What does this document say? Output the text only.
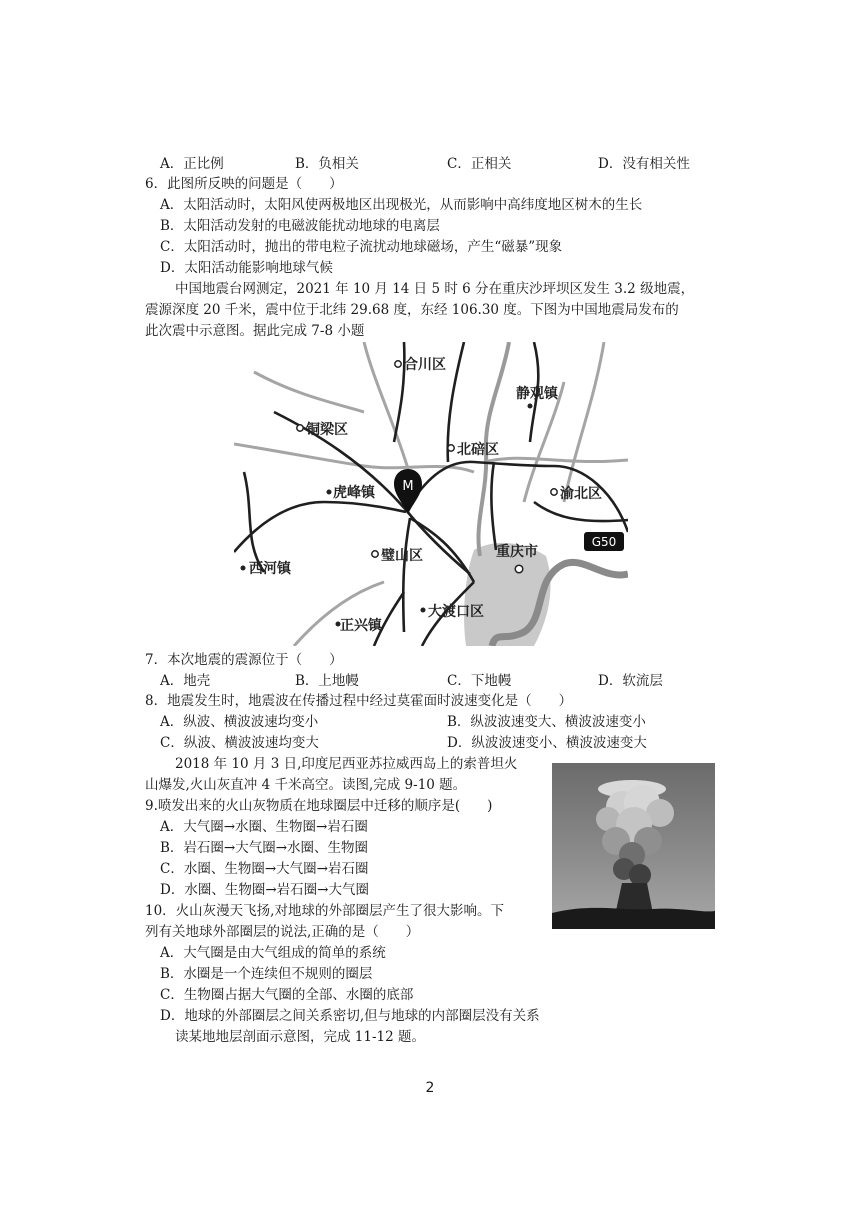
A．正比例	B．负相关	C．正相关	D．没有相关性
6．此图所反映的问题是（　　）
A．太阳活动时，太阳风使两极地区出现极光，从而影响中高纬度地区树木的生长
B．太阳活动发射的电磁波能扰动地球的电离层
C．太阳活动时，抛出的带电粒子流扰动地球磁场，产生“磁暴”现象
D．太阳活动能影响地球气候
中国地震台网测定，2021 年 10 月 14 日 5 时 6 分在重庆沙坪坝区发生 3.2 级地震，
震源深度 20 千米，震中位于北纬 29.68 度，东经 106.30 度。下图为中国地震局发布的
此次震中示意图。据此完成 7-8 小题
合川区
静观镇
铜梁区
北碚区
虎峰镇	渝北区
西河镇
璧山区	重庆市
大渡口区
正兴镇
G50
M
7．本次地震的震源位于（　　）
A．地壳	B．上地幔	C．下地幔	D．软流层
8．地震发生时，地震波在传播过程中经过莫霍面时波速变化是（　　）
A．纵波、横波波速均变小	B．纵波波速变大、横波波速变小
C．纵波、横波波速均变大	D．纵波波速变小、横波波速变大
2018 年 10 月 3 日,印度尼西亚苏拉威西岛上的索普坦火
山爆发,火山灰直冲 4 千米高空。读图,完成 9-10 题。
9.喷发出来的火山灰物质在地球圈层中迁移的顺序是(　　)
A．大气圈→水圈、生物圈→岩石圈
B．岩石圈→大气圈→水圈、生物圈
C．水圈、生物圈→大气圈→岩石圈
D．水圈、生物圈→岩石圈→大气圈
10．火山灰漫天飞扬,对地球的外部圈层产生了很大影响。下
列有关地球外部圈层的说法,正确的是（　　）
A．大气圈是由大气组成的简单的系统
B．水圈是一个连续但不规则的圈层
C．生物圈占据大气圈的全部、水圈的底部
D．地球的外部圈层之间关系密切,但与地球的内部圈层没有关系
读某地地层剖面示意图，完成 11-12 题。
2
